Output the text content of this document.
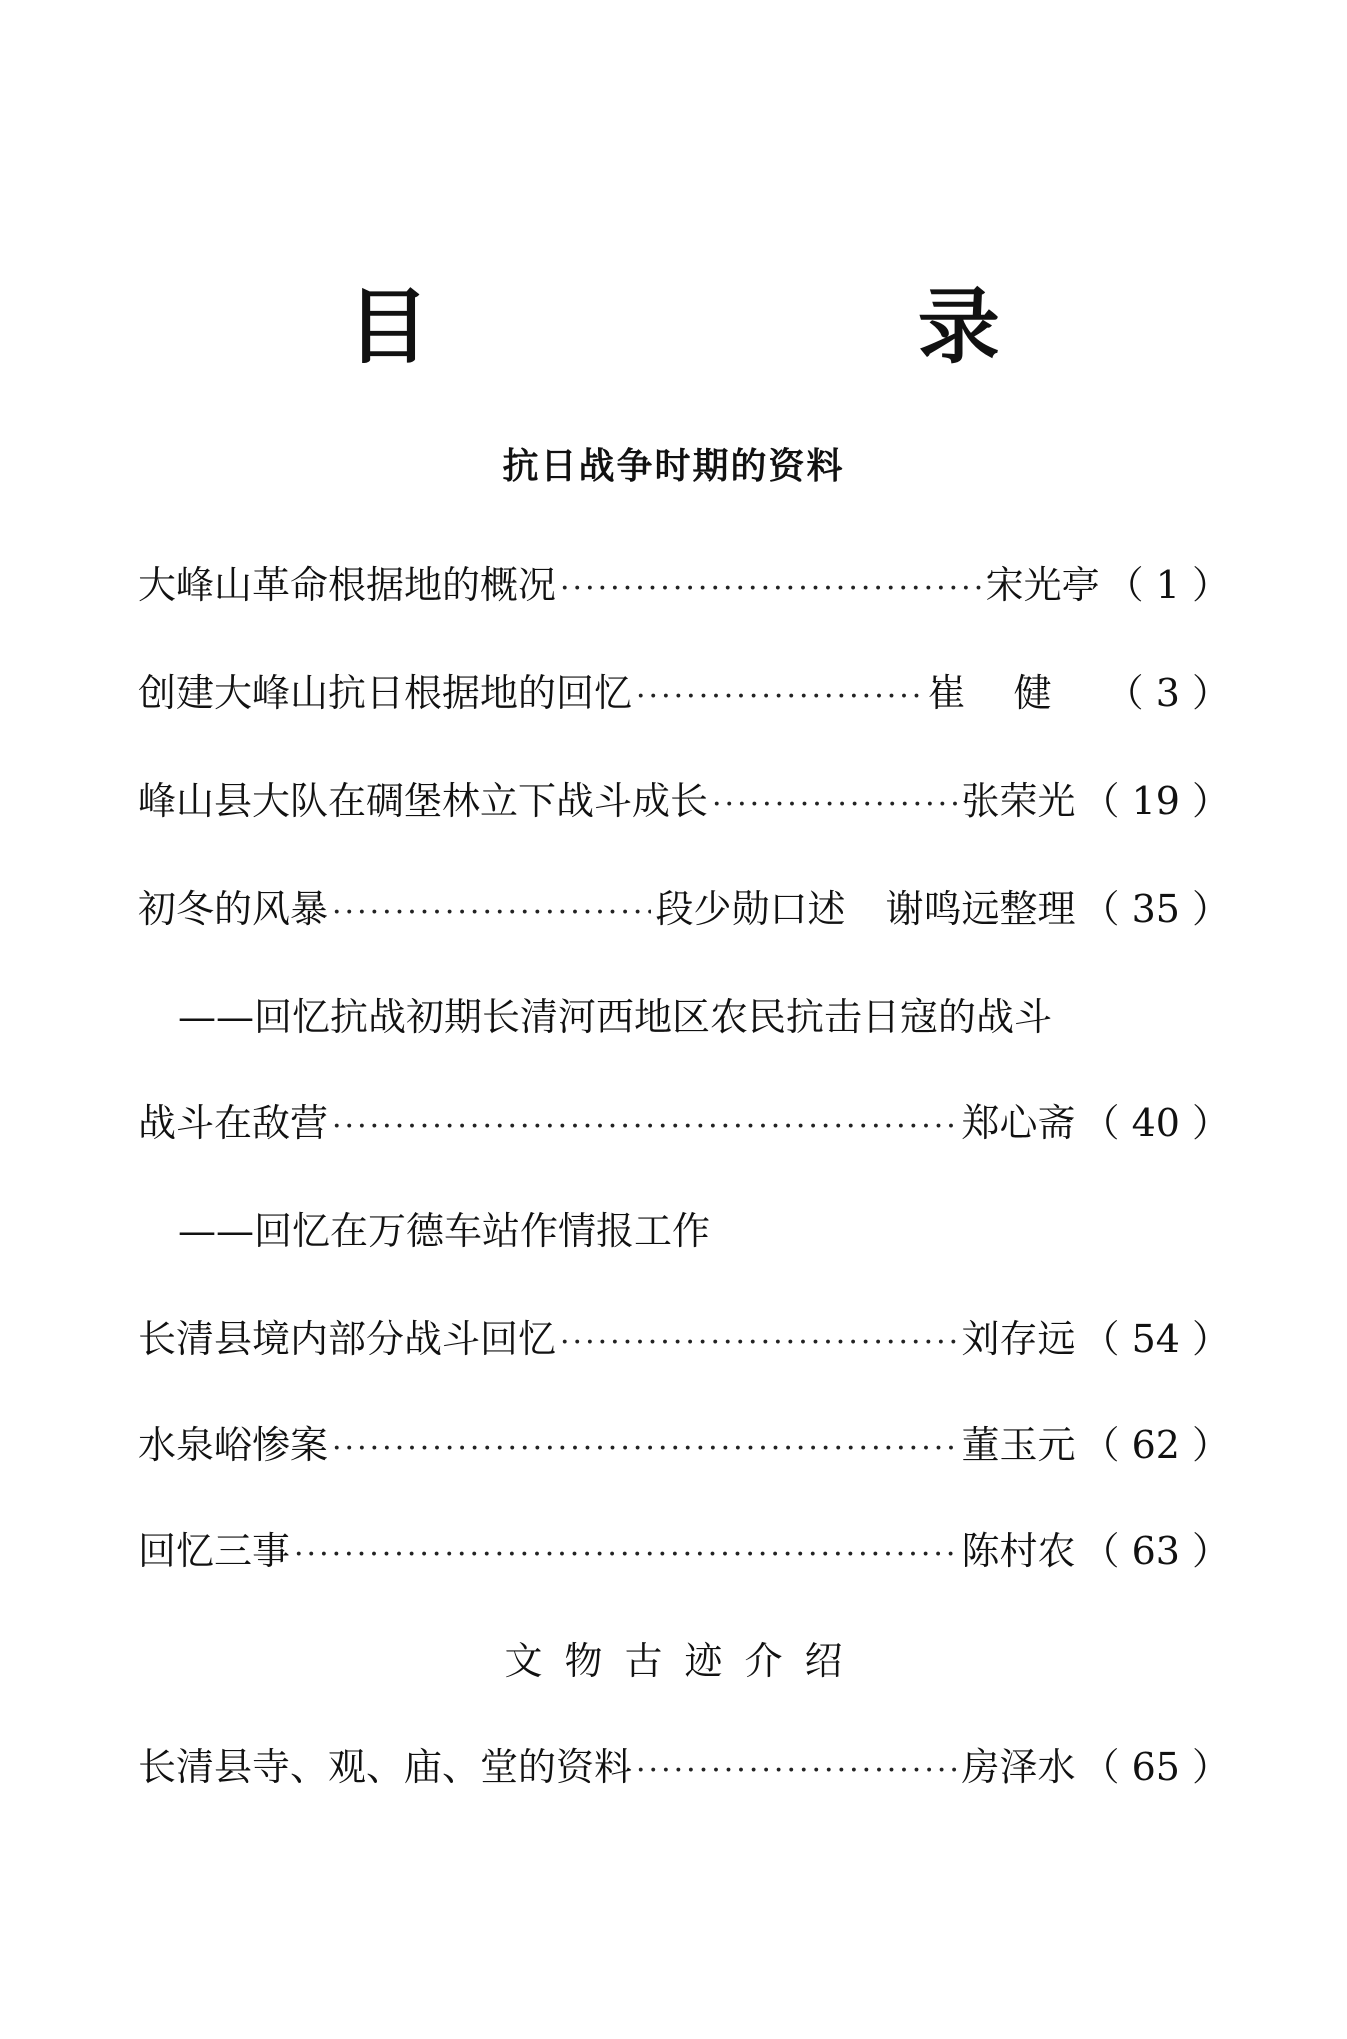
目 录
抗日战争时期的资料
大峰山革命根据地的概况 ·····	宋光亭 （ 1 ）
创建大峰山抗日根据地的回忆 ·····	崔健 （ 3 ）
峰山县大队在碉堡林立下战斗成长 ·····	张荣光 （ 19 ）
初冬的风暴 ·····	段少勋口述 谢鸣远整理 （ 35 ）
——回忆抗战初期长清河西地区农民抗击日寇的战斗
战斗在敌营 ·····	郑心斋 （ 40 ）
——回忆在万德车站作情报工作
长清县境内部分战斗回忆 ·····	刘存远 （ 54 ）
水泉峪惨案 ·····	董玉元 （ 62 ）
回忆三事 ·····	陈村农 （ 63 ）
文物古迹介绍
长清县寺、观、庙、堂的资料 ·····	房泽水 （ 65 ）
